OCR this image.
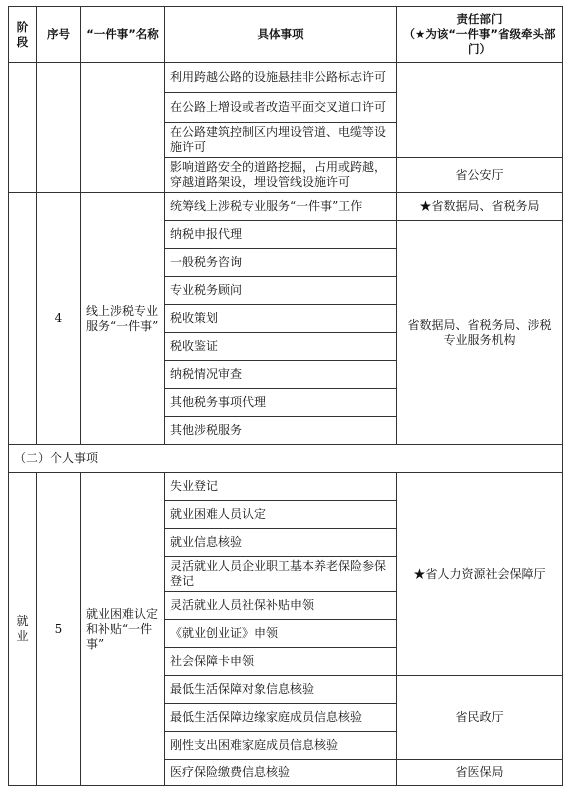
阶段	序号	“一件事”名称	具体事项	责任部门
（★为该“一件事”省级牵头部门）

			利用跨越公路的设施悬挂非公路标志许可	
			在公路上增设或者改造平面交叉道口许可	
			在公路建筑控制区内埋设管道、电缆等设施许可	
			影响道路安全的道路挖掘，占用或跨越，穿越道路架设，埋设管线设施许可	省公安厅
	4	线上涉税专业服务“一件事”	统筹线上涉税专业服务“一件事”工作	★省数据局、省税务局
			纳税申报代理	省数据局、省税务局、涉税专业服务机构
			一般税务咨询	
			专业税务顾问	
			税收策划	
			税收鉴证	
			纳税情况审查	
			其他税务事项代理	
			其他涉税服务	
（二）个人事项				
就业	5	就业困难认定和补贴“一件事”	失业登记	★省人力资源社会保障厅
			就业困难人员认定	
			就业信息核验	
			灵活就业人员企业职工基本养老保险参保登记	
			灵活就业人员社保补贴申领	
			《就业创业证》申领	
			社会保障卡申领	
			最低生活保障对象信息核验	省民政厅
			最低生活保障边缘家庭成员信息核验	
			刚性支出困难家庭成员信息核验	
			医疗保险缴费信息核验	省医保局
